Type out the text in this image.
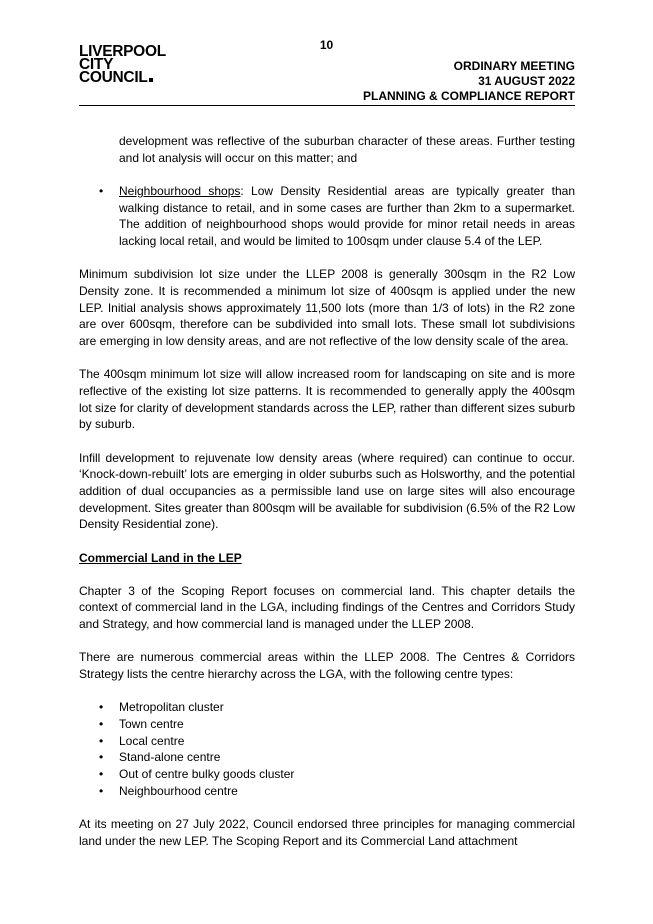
10
LIVERPOOL
CITY
COUNCIL
ORDINARY MEETING
31 AUGUST 2022
PLANNING & COMPLIANCE REPORT

development was reflective of the suburban character of these areas. Further testing and lot analysis will occur on this matter; and

• Neighbourhood shops: Low Density Residential areas are typically greater than walking distance to retail, and in some cases are further than 2km to a supermarket. The addition of neighbourhood shops would provide for minor retail needs in areas lacking local retail, and would be limited to 100sqm under clause 5.4 of the LEP.

Minimum subdivision lot size under the LLEP 2008 is generally 300sqm in the R2 Low Density zone. It is recommended a minimum lot size of 400sqm is applied under the new LEP. Initial analysis shows approximately 11,500 lots (more than 1/3 of lots) in the R2 zone are over 600sqm, therefore can be subdivided into small lots. These small lot subdivisions are emerging in low density areas, and are not reflective of the low density scale of the area.

The 400sqm minimum lot size will allow increased room for landscaping on site and is more reflective of the existing lot size patterns. It is recommended to generally apply the 400sqm lot size for clarity of development standards across the LEP, rather than different sizes suburb by suburb.

Infill development to rejuvenate low density areas (where required) can continue to occur. ‘Knock-down-rebuilt’ lots are emerging in older suburbs such as Holsworthy, and the potential addition of dual occupancies as a permissible land use on large sites will also encourage development. Sites greater than 800sqm will be available for subdivision (6.5% of the R2 Low Density Residential zone).

Commercial Land in the LEP

Chapter 3 of the Scoping Report focuses on commercial land. This chapter details the context of commercial land in the LGA, including findings of the Centres and Corridors Study and Strategy, and how commercial land is managed under the LLEP 2008.

There are numerous commercial areas within the LLEP 2008. The Centres & Corridors Strategy lists the centre hierarchy across the LGA, with the following centre types:

• Metropolitan cluster
• Town centre
• Local centre
• Stand-alone centre
• Out of centre bulky goods cluster
• Neighbourhood centre

At its meeting on 27 July 2022, Council endorsed three principles for managing commercial land under the new LEP. The Scoping Report and its Commercial Land attachment
